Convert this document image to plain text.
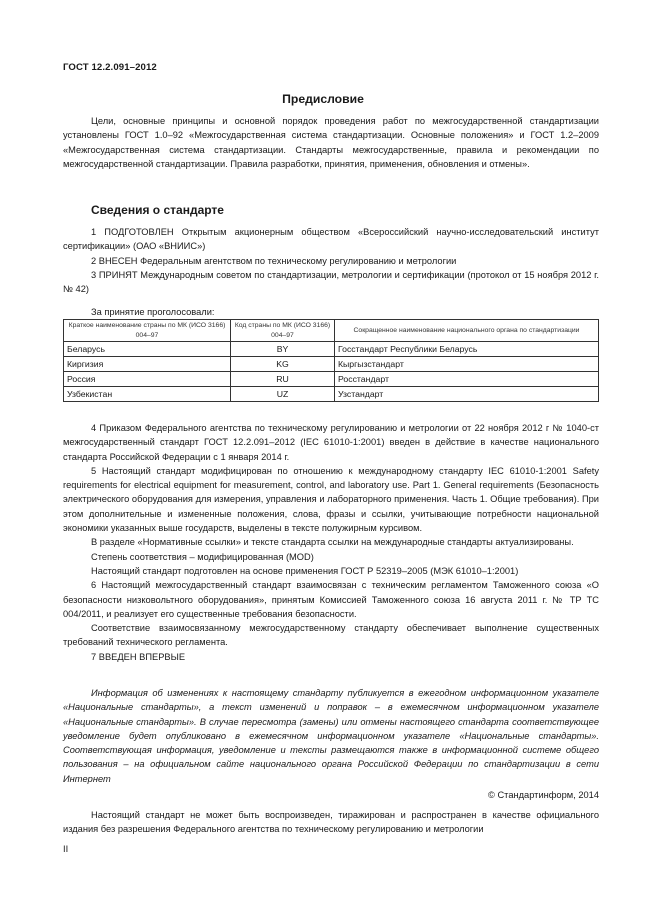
ГОСТ 12.2.091–2012
Предисловие

Цели, основные принципы и основной порядок проведения работ по межгосударственной стандартизации установлены ГОСТ 1.0–92 «Межгосударственная система стандартизации. Основные положения» и ГОСТ 1.2–2009 «Межгосударственная система стандартизации. Стандарты межгосударственные, правила и рекомендации по межгосударственной стандартизации. Правила разработки, принятия, применения, обновления и отмены».

Сведения о стандарте

1 ПОДГОТОВЛЕН Открытым акционерным обществом «Всероссийский научно-исследовательский институт сертификации» (ОАО «ВНИИС»)

2 ВНЕСЕН Федеральным агентством по техническому регулированию и метрологии

3 ПРИНЯТ Международным советом по стандартизации, метрологии и сертификации (протокол от 15 ноября 2012 г. № 42)

За принятие проголосовали:
Краткое наименование страны по МК (ИСО 3166) 004–97	Код страны по МК (ИСО 3166) 004–97	Сокращенное наименование национального органа по стандартизации
Беларусь	BY	Госстандарт Республики Беларусь
Киргизия	KG	Кыргызстандарт
Россия	RU	Росстандарт
Узбекистан	UZ	Узстандарт

4 Приказом Федерального агентства по техническому регулированию и метрологии от 22 ноября 2012 г № 1040-ст межгосударственный стандарт ГОСТ 12.2.091–2012 (IEC 61010-1:2001) введен в действие в качестве национального стандарта Российской Федерации с 1 января 2014 г.

5 Настоящий стандарт модифицирован по отношению к международному стандарту IEC 61010-1:2001 Safety requirements for electrical equipment for measurement, control, and laboratory use. Part 1. General requirements (Безопасность электрического оборудования для измерения, управления и лабораторного применения. Часть 1. Общие требования). При этом дополнительные и измененные положения, слова, фразы и ссылки, учитывающие потребности национальной экономики указанных выше государств, выделены в тексте полужирным курсивом.

В разделе «Нормативные ссылки» и тексте стандарта ссылки на международные стандарты актуализированы.

Степень соответствия – модифицированная (MOD)

Настоящий стандарт подготовлен на основе применения ГОСТ Р 52319–2005 (МЭК 61010–1:2001)

6 Настоящий межгосударственный стандарт взаимосвязан с техническим регламентом Таможенного союза «О безопасности низковольтного оборудования», принятым Комиссией Таможенного союза 16 августа 2011 г. № ТР ТС 004/2011, и реализует его существенные требования безопасности.

Соответствие взаимосвязанному межгосударственному стандарту обеспечивает выполнение существенных требований технического регламента.

7 ВВЕДЕН ВПЕРВЫЕ

Информация об изменениях к настоящему стандарту публикуется в ежегодном информационном указателе «Национальные стандарты», а текст изменений и поправок – в ежемесячном информационном указателе «Национальные стандарты». В случае пересмотра (замены) или отмены настоящего стандарта соответствующее уведомление будет опубликовано в ежемесячном информационном указателе «Национальные стандарты». Соответствующая информация, уведомление и тексты размещаются также в информационной системе общего пользования – на официальном сайте национального органа Российской Федерации по стандартизации в сети Интернет

© Стандартинформ, 2014

Настоящий стандарт не может быть воспроизведен, тиражирован и распространен в качестве официального издания без разрешения Федерального агентства по техническому регулированию и метрологии

II
